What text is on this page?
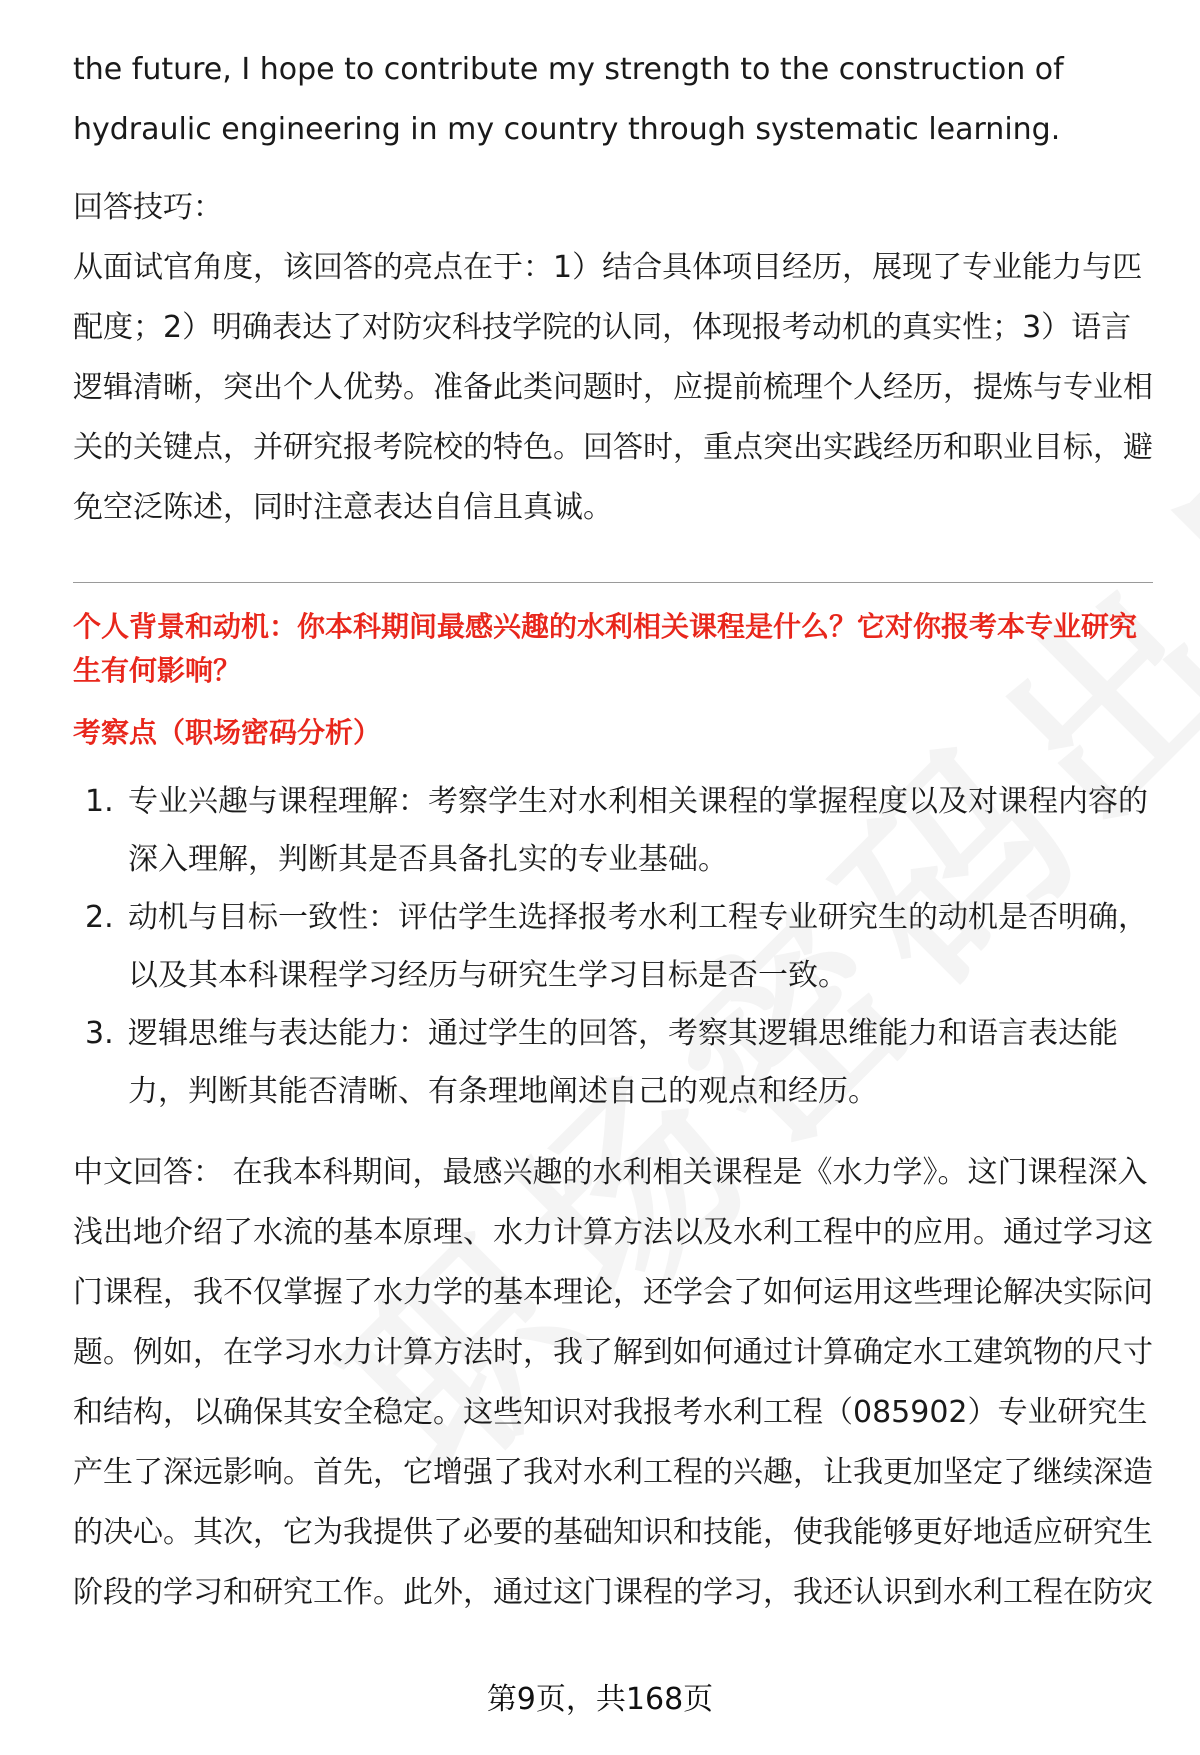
the future, I hope to contribute my strength to the construction of hydraulic engineering in my country through systematic learning.

回答技巧：

从面试官角度，该回答的亮点在于：1）结合具体项目经历，展现了专业能力与匹配度；2）明确表达了对防灾科技学院的认同，体现报考动机的真实性；3）语言逻辑清晰，突出个人优势。准备此类问题时，应提前梳理个人经历，提炼与专业相关的关键点，并研究报考院校的特色。回答时，重点突出实践经历和职业目标，避免空泛陈述，同时注意表达自信且真诚。

个人背景和动机：你本科期间最感兴趣的水利相关课程是什么？它对你报考本专业研究生有何影响？

考察点（职场密码分析）

1. 专业兴趣与课程理解：考察学生对水利相关课程的掌握程度以及对课程内容的深入理解，判断其是否具备扎实的专业基础。
2. 动机与目标一致性：评估学生选择报考水利工程专业研究生的动机是否明确，以及其本科课程学习经历与研究生学习目标是否一致。
3. 逻辑思维与表达能力：通过学生的回答，考察其逻辑思维能力和语言表达能力，判断其能否清晰、有条理地阐述自己的观点和经历。

中文回答： 在我本科期间，最感兴趣的水利相关课程是《水力学》。这门课程深入浅出地介绍了水流的基本原理、水力计算方法以及水利工程中的应用。通过学习这门课程，我不仅掌握了水力学的基本理论，还学会了如何运用这些理论解决实际问题。例如，在学习水力计算方法时，我了解到如何通过计算确定水工建筑物的尺寸和结构，以确保其安全稳定。这些知识对我报考水利工程（085902）专业研究生产生了深远影响。首先，它增强了我对水利工程的兴趣，让我更加坚定了继续深造的决心。其次，它为我提供了必要的基础知识和技能，使我能够更好地适应研究生阶段的学习和研究工作。此外，通过这门课程的学习，我还认识到水利工程在防灾

第9页，共168页
